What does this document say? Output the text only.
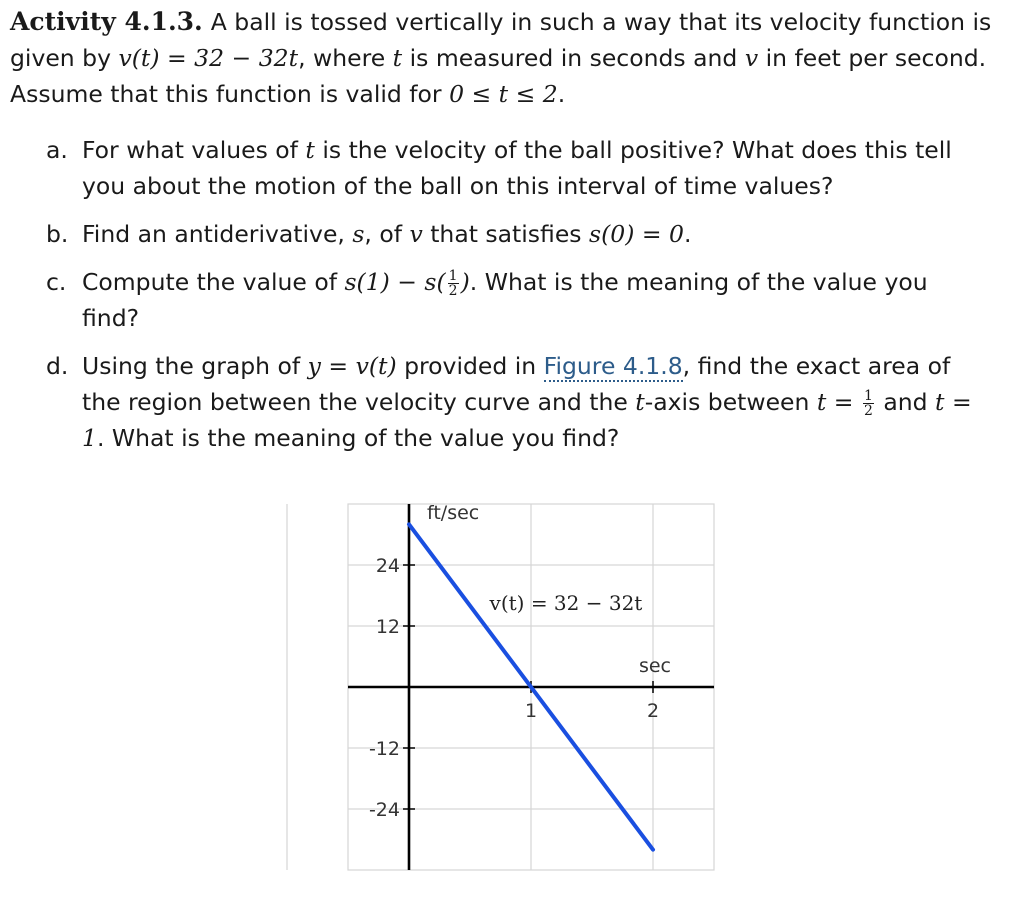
Activity 4.1.3. A ball is tossed vertically in such a way that its velocity function is given by v(t) = 32 − 32t, where t is measured in seconds and v in feet per second. Assume that this function is valid for 0 ≤ t ≤ 2.

a. For what values of t is the velocity of the ball positive? What does this tell you about the motion of the ball on this interval of time values?
b. Find an antiderivative, s, of v that satisfies s(0) = 0.
c. Compute the value of $s(1) - s( \frac{1}{2}$ ). What is the meaning of the value you find?
d. Using the graph of y = v(t) provided in Figure 4.1.8, find the exact area of the region between the velocity curve and the t-axis between $t = \frac{1}{2}$ and t = 1. What is the meaning of the value you find?
24
12
-12
-24
1	2
ft/sec
sec
v(t) = 32 − 32t
